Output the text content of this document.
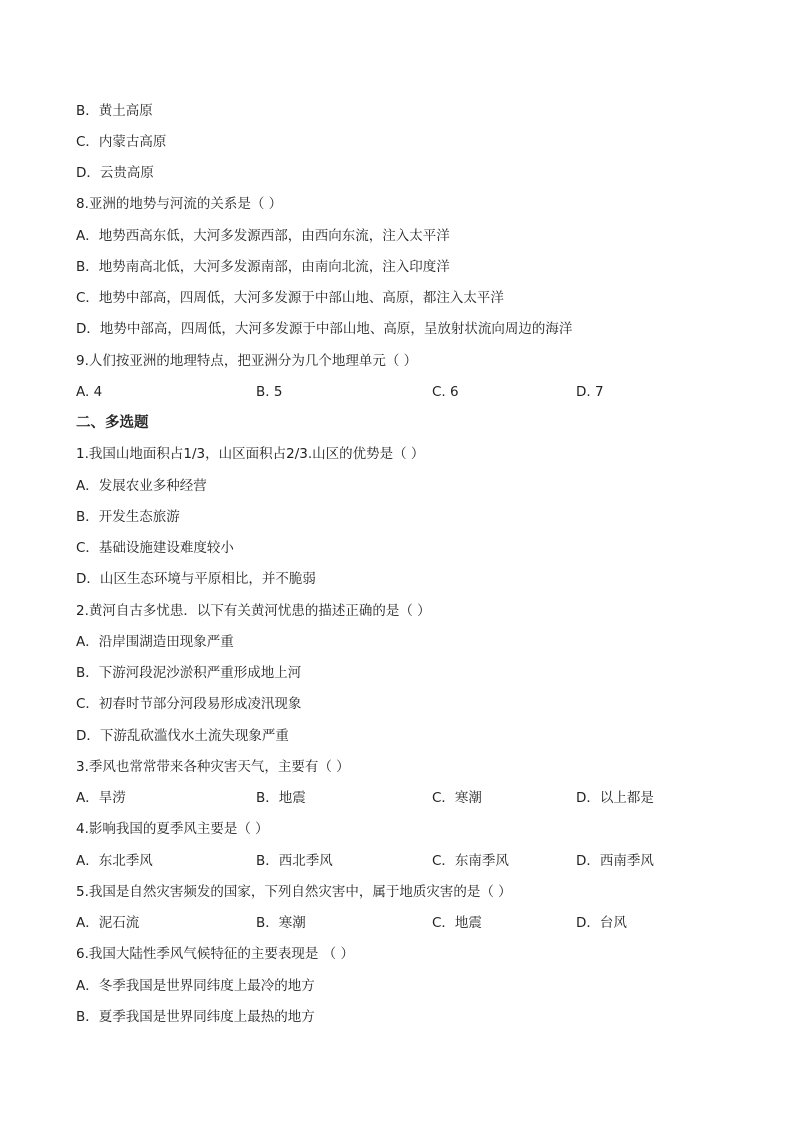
B．黄土高原
C．内蒙古高原
D．云贵高原
8.亚洲的地势与河流的关系是（ ）
A．地势西高东低，大河多发源西部，由西向东流，注入太平洋
B．地势南高北低，大河多发源南部，由南向北流，注入印度洋
C．地势中部高，四周低，大河多发源于中部山地、高原，都注入太平洋
D．地势中部高，四周低，大河多发源于中部山地、高原，呈放射状流向周边的海洋
9.人们按亚洲的地理特点，把亚洲分为几个地理单元（ ）
A. 4	B. 5	C. 6	D. 7
二、多选题
1.我国山地面积占1/3，山区面积占2/3.山区的优势是（ ）
A．发展农业多种经营
B．开发生态旅游
C．基础设施建设难度较小
D．山区生态环境与平原相比，并不脆弱
2.黄河自古多忧患．以下有关黄河忧患的描述正确的是（ ）
A．沿岸围湖造田现象严重
B．下游河段泥沙淤积严重形成地上河
C．初春时节部分河段易形成凌汛现象
D．下游乱砍滥伐水土流失现象严重
3.季风也常常带来各种灾害天气，主要有（ ）
A．旱涝	B．地震	C．寒潮	D．以上都是
4.影响我国的夏季风主要是（ ）
A．东北季风	B．西北季风	C．东南季风	D．西南季风
5.我国是自然灾害频发的国家，下列自然灾害中，属于地质灾害的是（ ）
A．泥石流	B．寒潮	C．地震	D．台风
6.我国大陆性季风气候特征的主要表现是 （ ）
A．冬季我国是世界同纬度上最冷的地方
B．夏季我国是世界同纬度上最热的地方
